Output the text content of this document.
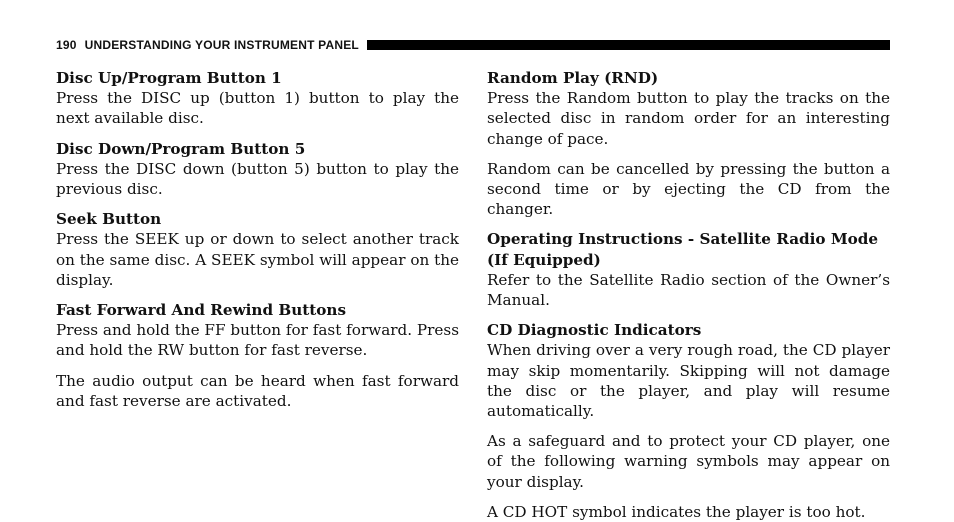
190 UNDERSTANDING YOUR INSTRUMENT PANEL

Disc Up/Program Button 1

Press the DISC up (button 1) button to play the next available disc.

Disc Down/Program Button 5

Press the DISC down (button 5) button to play the previous disc.

Seek Button

Press the SEEK up or down to select another track on the same disc. A SEEK symbol will appear on the display.

Fast Forward And Rewind Buttons

Press and hold the FF button for fast forward. Press and hold the RW button for fast reverse.

The audio output can be heard when fast forward and fast reverse are activated.

Random Play (RND)

Press the Random button to play the tracks on the selected disc in random order for an interesting change of pace.

Random can be cancelled by pressing the button a second time or by ejecting the CD from the changer.

Operating Instructions - Satellite Radio Mode (If Equipped)

Refer to the Satellite Radio section of the Owner’s Manual.

CD Diagnostic Indicators

When driving over a very rough road, the CD player may skip momentarily. Skipping will not damage the disc or the player, and play will resume automatically.

As a safeguard and to protect your CD player, one of the following warning symbols may appear on your display.

A CD HOT symbol indicates the player is too hot.
